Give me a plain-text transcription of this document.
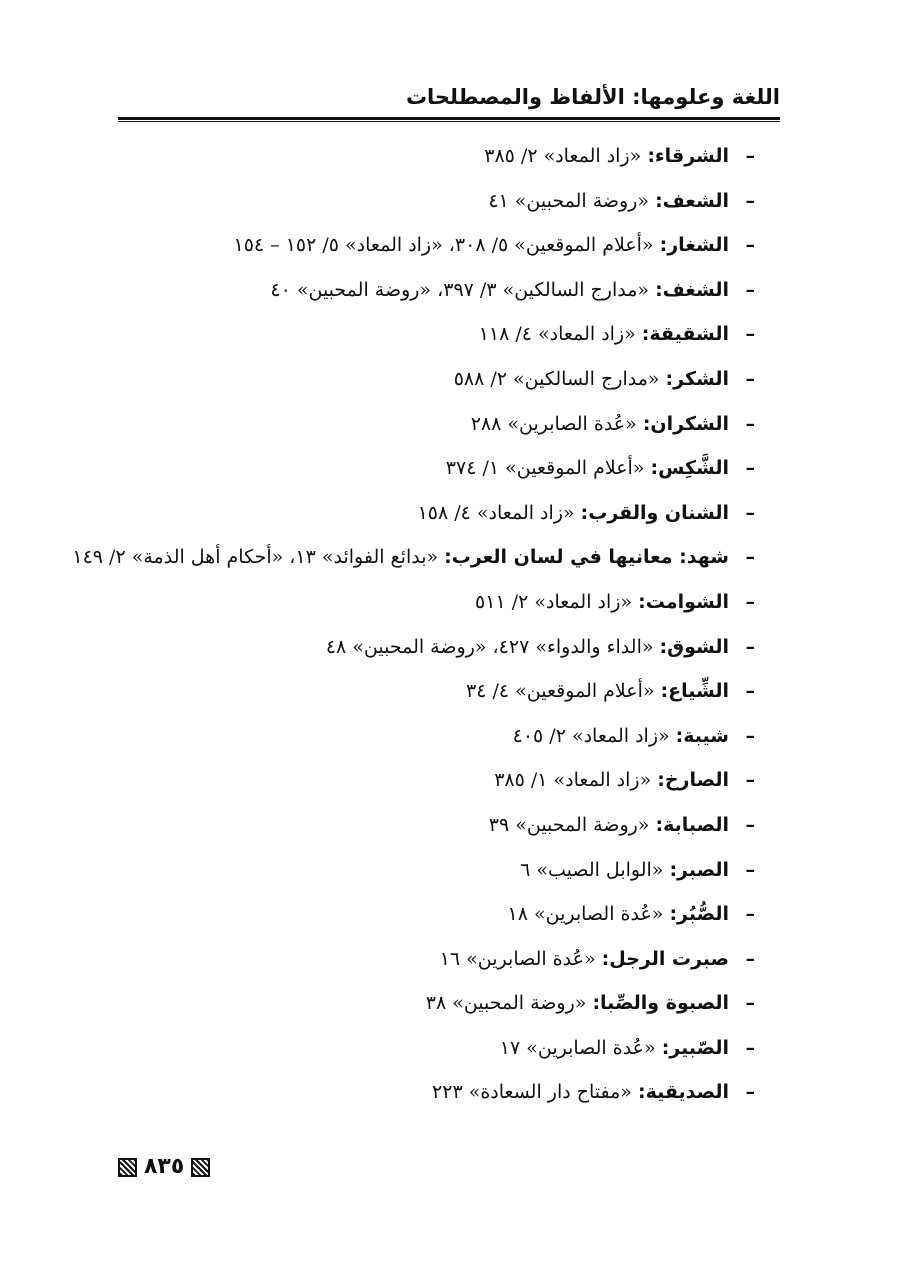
اللغة وعلومها: الألفاظ والمصطلحات
–الشرقاء: «زاد المعاد» ٢/ ٣٨٥
–الشعف: «روضة المحبين» ٤١
–الشغار: «أعلام الموقعين» ٥/ ٣٠٨، «زاد المعاد» ٥/ ١٥٢ – ١٥٤
–الشغف: «مدارج السالكين» ٣/ ٣٩٧، «روضة المحبين» ٤٠
–الشقيقة: «زاد المعاد» ٤/ ١١٨
–الشكر: «مدارج السالكين» ٢/ ٥٨٨
–الشكران: «عُدة الصابرين» ٢٨٨
–الشَّكِس: «أعلام الموقعين» ١/ ٣٧٤
–الشنان والقرب: «زاد المعاد» ٤/ ١٥٨
–شهد: معانيها في لسان العرب: «بدائع الفوائد» ١٣، «أحكام أهل الذمة» ٢/ ١٤٩
–الشوامت: «زاد المعاد» ٢/ ٥١١
–الشوق: «الداء والدواء» ٤٢٧، «روضة المحبين» ٤٨
–الشِّياع: «أعلام الموقعين» ٤/ ٣٤
–شيبة: «زاد المعاد» ٢/ ٤٠٥
–الصارخ: «زاد المعاد» ١/ ٣٨٥
–الصبابة: «روضة المحبين» ٣٩
–الصبر: «الوابل الصيب» ٦
–الصُّبُر: «عُدة الصابرين» ١٨
–صبرت الرجل: «عُدة الصابرين» ١٦
–الصبوة والصِّبا: «روضة المحبين» ٣٨
–الصّبير: «عُدة الصابرين» ١٧
–الصديقية: «مفتاح دار السعادة» ٢٢٣
٨٣٥
